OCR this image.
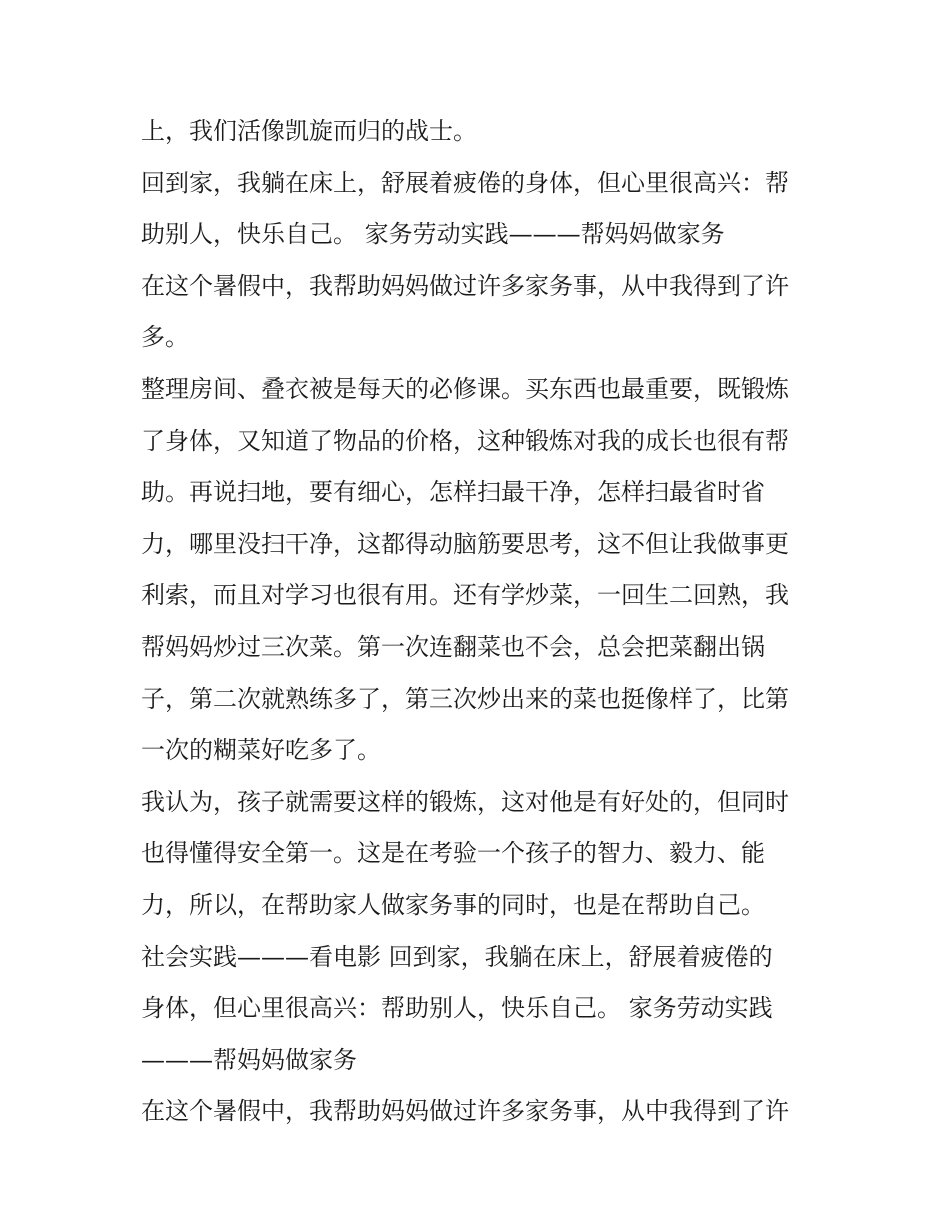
上，我们活像凯旋而归的战士。
回到家，我躺在床上，舒展着疲倦的身体，但心里很高兴：帮
助别人，快乐自己。 家务劳动实践———帮妈妈做家务
在这个暑假中，我帮助妈妈做过许多家务事，从中我得到了许
多。
整理房间、叠衣被是每天的必修课。买东西也最重要，既锻炼
了身体，又知道了物品的价格，这种锻炼对我的成长也很有帮
助。再说扫地，要有细心，怎样扫最干净，怎样扫最省时省
力，哪里没扫干净，这都得动脑筋要思考，这不但让我做事更
利索，而且对学习也很有用。还有学炒菜，一回生二回熟，我
帮妈妈炒过三次菜。第一次连翻菜也不会，总会把菜翻出锅
子，第二次就熟练多了，第三次炒出来的菜也挺像样了，比第
一次的糊菜好吃多了。
我认为，孩子就需要这样的锻炼，这对他是有好处的，但同时
也得懂得安全第一。这是在考验一个孩子的智力、毅力、能
力，所以，在帮助家人做家务事的同时，也是在帮助自己。
社会实践———看电影 回到家，我躺在床上，舒展着疲倦的
身体，但心里很高兴：帮助别人，快乐自己。 家务劳动实践
———帮妈妈做家务
在这个暑假中，我帮助妈妈做过许多家务事，从中我得到了许
